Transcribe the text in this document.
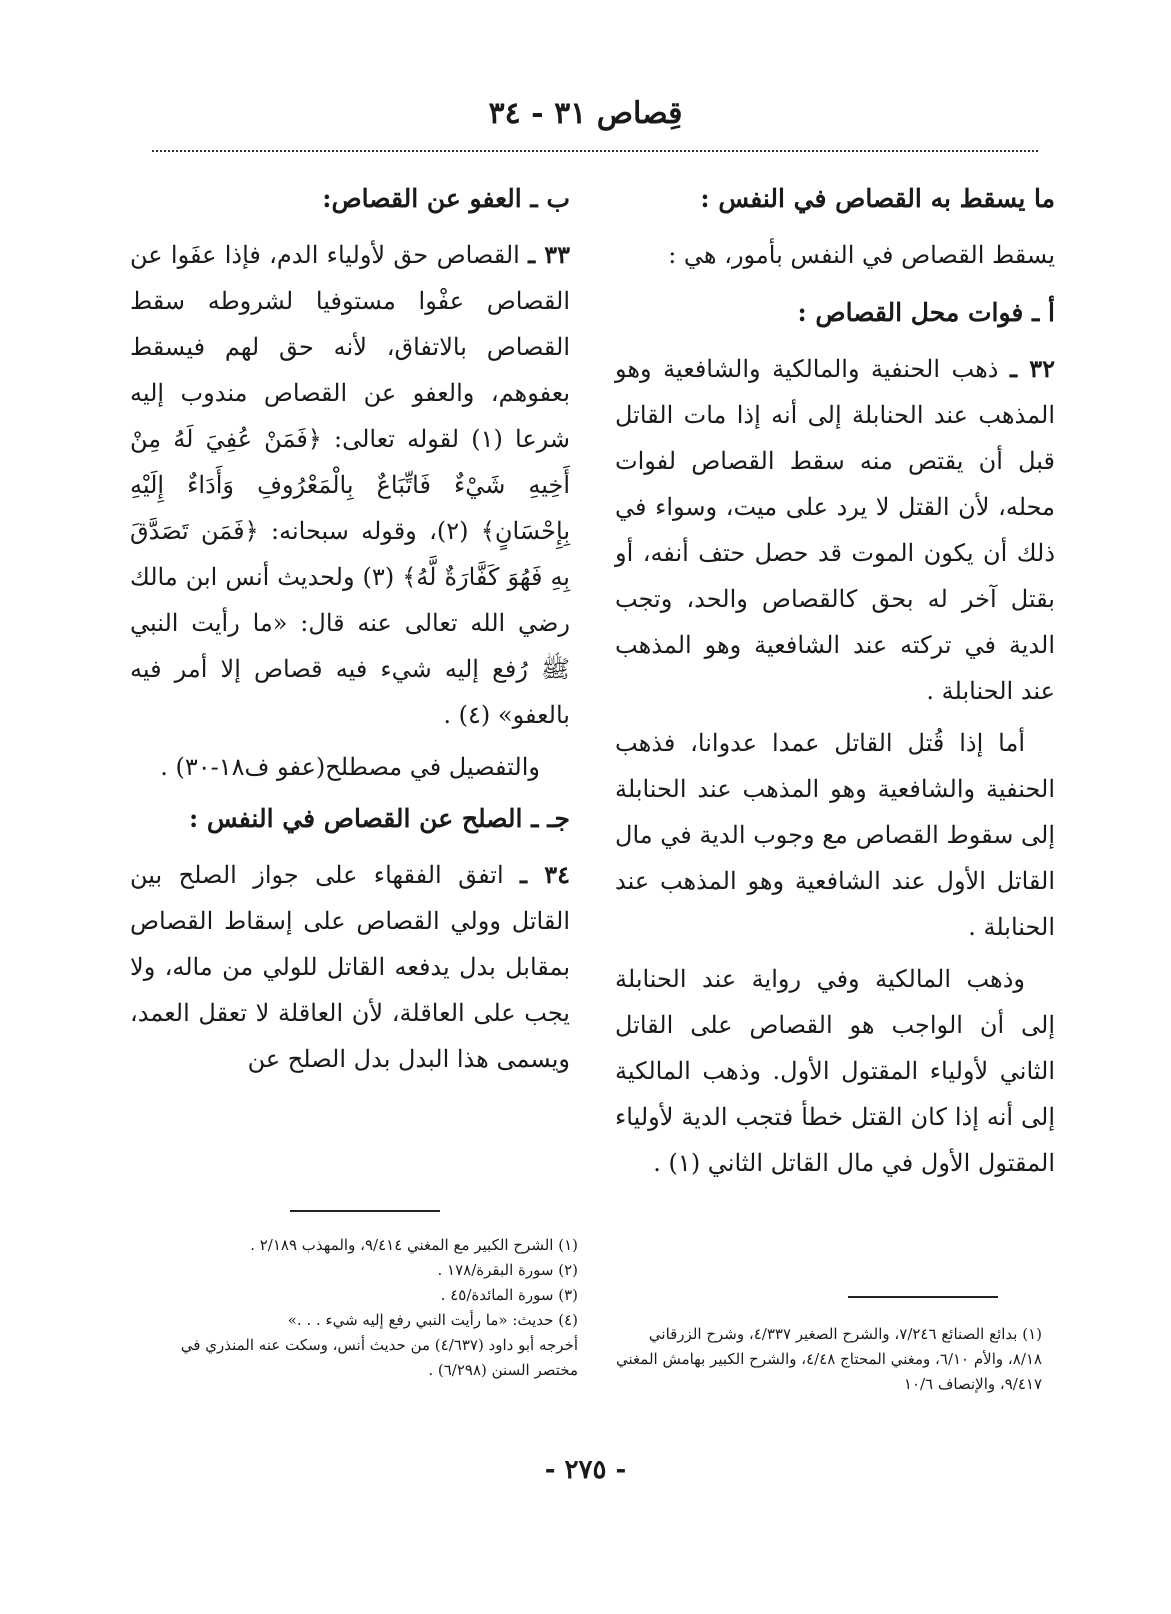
قِصاص ٣١ - ٣٤
ما يسقط به القصاص في النفس :

يسقط القصاص في النفس بأمور، هي :

أ ـ فوات محل القصاص :

٣٢ ـ ذهب الحنفية والمالكية والشافعية وهو المذهب عند الحنابلة إلى أنه إذا مات القاتل قبل أن يقتص منه سقط القصاص لفوات محله، لأن القتل لا يرد على ميت، وسواء في ذلك أن يكون الموت قد حصل حتف أنفه، أو بقتل آخر له بحق كالقصاص والحد، وتجب الدية في تركته عند الشافعية وهو المذهب عند الحنابلة .

أما إذا قُتل القاتل عمدا عدوانا، فذهب الحنفية والشافعية وهو المذهب عند الحنابلة إلى سقوط القصاص مع وجوب الدية في مال القاتل الأول عند الشافعية وهو المذهب عند الحنابلة .

وذهب المالكية وفي رواية عند الحنابلة إلى أن الواجب هو القصاص على القاتل الثاني لأولياء المقتول الأول. وذهب المالكية إلى أنه إذا كان القتل خطأ فتجب الدية لأولياء المقتول الأول في مال القاتل الثاني (١) .

ب ـ العفو عن القصاص:

٣٣ ـ القصاص حق لأولياء الدم، فإذا عفَوا عن القصاص عفْوا مستوفيا لشروطه سقط القصاص بالاتفاق، لأنه حق لهم فيسقط بعفوهم، والعفو عن القصاص مندوب إليه شرعا (١) لقوله تعالى: ﴿فَمَنْ عُفِيَ لَهُ مِنْ أَخِيهِ شَيْءٌ فَاتِّبَاعٌ بِالْمَعْرُوفِ وَأَدَاءٌ إِلَيْهِ بِإِحْسَانٍ﴾ (٢)، وقوله سبحانه: ﴿فَمَن تَصَدَّقَ بِهِ فَهُوَ كَفَّارَةٌ لَّهُ﴾ (٣) ولحديث أنس ابن مالك رضي الله تعالى عنه قال: «ما رأيت النبي ﷺ رُفع إليه شيء فيه قصاص إلا أمر فيه بالعفو» (٤) .

والتفصيل في مصطلح(عفو ف١٨-٣٠) .

جـ ـ الصلح عن القصاص في النفس :

٣٤ ـ اتفق الفقهاء على جواز الصلح بين القاتل وولي القصاص على إسقاط القصاص بمقابل بدل يدفعه القاتل للولي من ماله، ولا يجب على العاقلة، لأن العاقلة لا تعقل العمد، ويسمى هذا البدل بدل الصلح عن

(١) بدائع الصنائع ٧/٢٤٦، والشرح الصغير ٤/٣٣٧، وشرح الزرقاني ٨/١٨، والأم ٦/١٠، ومغني المحتاج ٤/٤٨، والشرح الكبير بهامش المغني ٩/٤١٧، والإنصاف ١٠/٦
(١) الشرح الكبير مع المغني ٩/٤١٤، والمهذب ٢/١٨٩ .
(٢) سورة البقرة/١٧٨ .
(٣) سورة المائدة/٤٥ .
(٤) حديث: «ما رأيت النبي رفع إليه شيء . . .»
أخرجه أبو داود (٤/٦٣٧) من حديث أنس، وسكت عنه المنذري في مختصر السنن (٦/٢٩٨) .
- ٢٧٥ -
